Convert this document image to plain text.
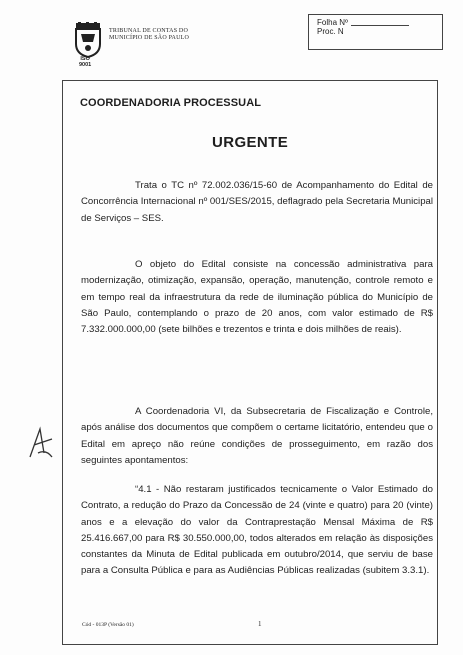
ISO
9001
TRIBUNAL DE CONTAS DO
MUNICÍPIO DE SÃO PAULO
Folha Nº
Proc. N
COORDENADORIA PROCESSUAL
URGENTE
Trata o TC nº 72.002.036/15-60 de Acompanhamento do Edital de Concorrência Internacional nº 001/SES/2015, deflagrado pela Secretaria Municipal de Serviços – SES.
O objeto do Edital consiste na concessão administrativa para modernização, otimização, expansão, operação, manutenção, controle remoto e em tempo real da infraestrutura da rede de iluminação pública do Município de São Paulo, contemplando o prazo de 20 anos, com valor estimado de R$ 7.332.000.000,00 (sete bilhões e trezentos e trinta e dois milhões de reais).
A Coordenadoria VI, da Subsecretaria de Fiscalização e Controle, após análise dos documentos que compõem o certame licitatório, entendeu que o Edital em apreço não reúne condições de prosseguimento, em razão dos seguintes apontamentos:
“4.1 - Não restaram justificados tecnicamente o Valor Estimado do Contrato, a redução do Prazo da Concessão de 24 (vinte e quatro) para 20 (vinte) anos e a elevação do valor da Contraprestação Mensal Máxima de R$ 25.416.667,00 para R$ 30.550.000,00, todos alterados em relação às disposições constantes da Minuta de Edital publicada em outubro/2014, que serviu de base para a Consulta Pública e para as Audiências Públicas realizadas (subitem 3.3.1).
Cód - 013P (Versão 01)	1
